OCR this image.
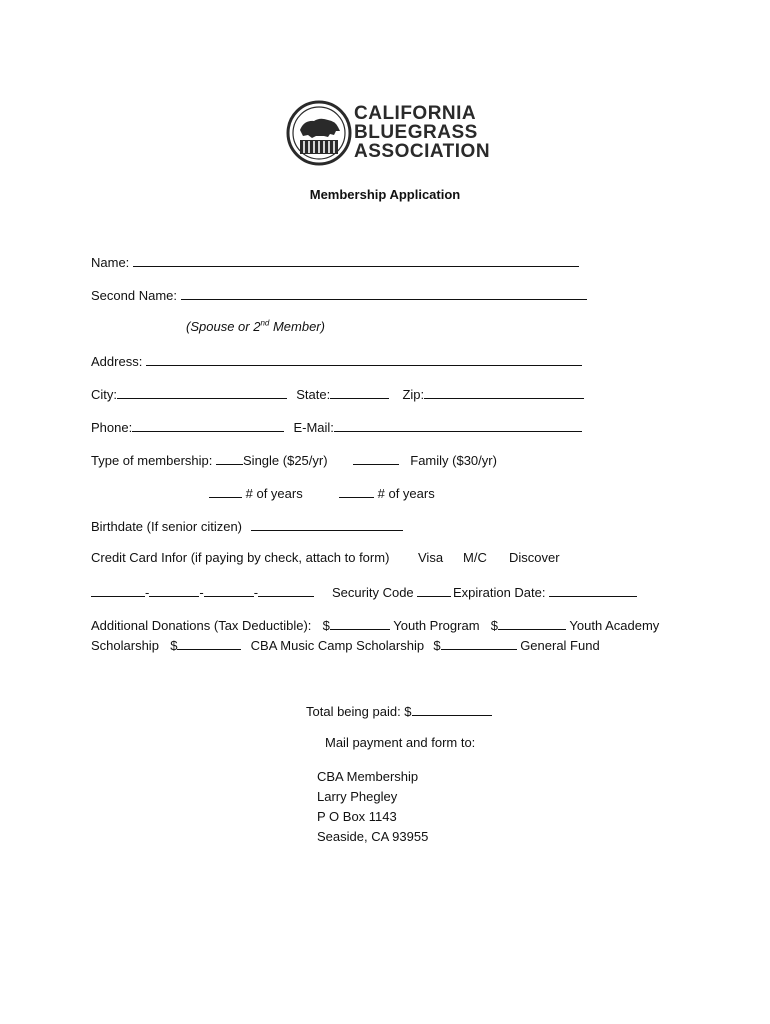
CALIFORNIA
BLUEGRASS
ASSOCIATION
Membership Application
Name:
Second Name:
(Spouse or 2nd Member)
Address:
City:	State:	Zip:
Phone:	E-Mail:
Type of membership: Single ($25/yr)	Family ($30/yr)
# of years	# of years
Birthdate (If senior citizen)
Credit Card Infor (if paying by check, attach to form) Visa M/C Discover
-	-	-	Security Code	Expiration Date:
Additional Donations (Tax Deductible): $	Youth Program $	Youth Academy
Scholarship $	CBA Music Camp Scholarship $	General Fund
Total being paid: $
Mail payment and form to:
CBA Membership
Larry Phegley
P O Box 1143
Seaside, CA 93955
